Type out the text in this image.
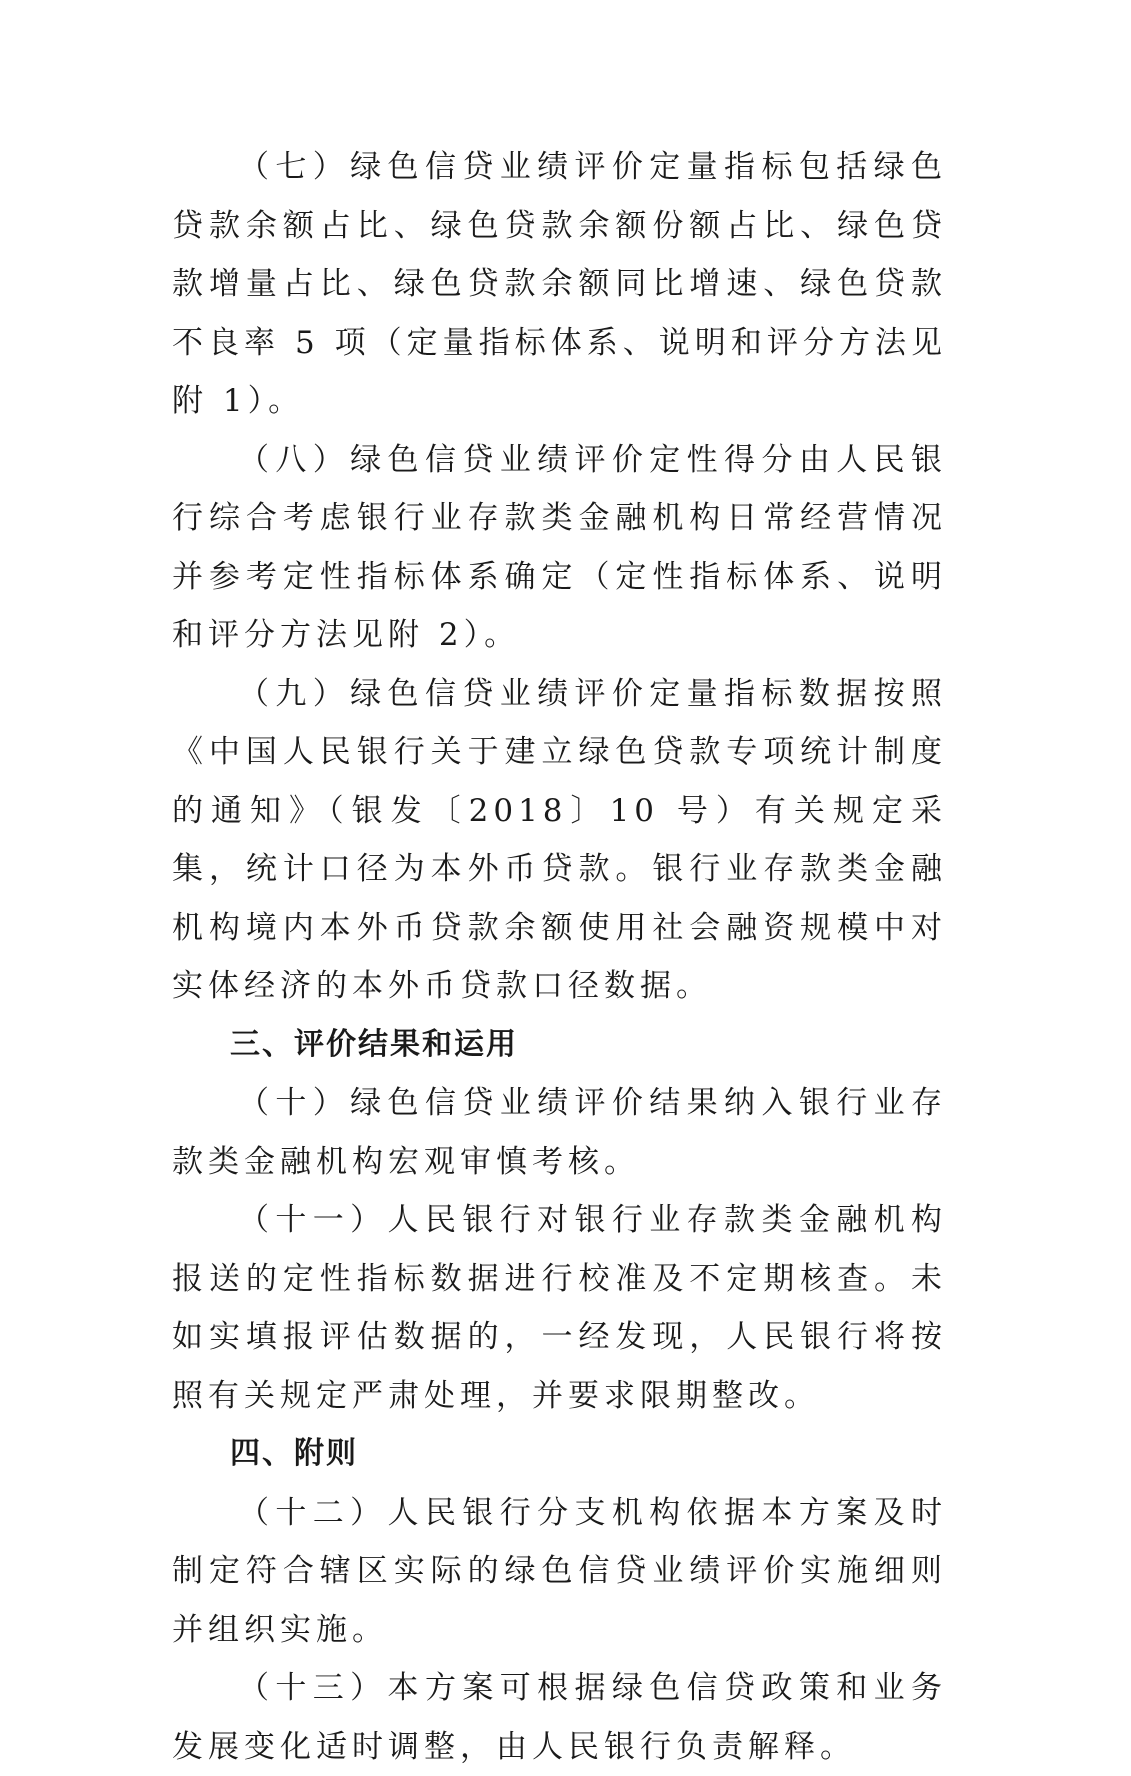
（七）绿色信贷业绩评价定量指标包括绿色贷款余额占比、绿色贷款余额份额占比、绿色贷款增量占比、绿色贷款余额同比增速、绿色贷款不良率 5 项（定量指标体系、说明和评分方法见附 1）。

（八）绿色信贷业绩评价定性得分由人民银行综合考虑银行业存款类金融机构日常经营情况并参考定性指标体系确定（定性指标体系、说明和评分方法见附 2）。

（九）绿色信贷业绩评价定量指标数据按照《中国人民银行关于建立绿色贷款专项统计制度的通知》（银发〔2018〕10 号）有关规定采集，统计口径为本外币贷款。银行业存款类金融机构境内本外币贷款余额使用社会融资规模中对实体经济的本外币贷款口径数据。

三、评价结果和运用

（十）绿色信贷业绩评价结果纳入银行业存款类金融机构宏观审慎考核。

（十一）人民银行对银行业存款类金融机构报送的定性指标数据进行校准及不定期核查。未如实填报评估数据的，一经发现，人民银行将按照有关规定严肃处理，并要求限期整改。

四、附则

（十二）人民银行分支机构依据本方案及时制定符合辖区实际的绿色信贷业绩评价实施细则并组织实施。

（十三）本方案可根据绿色信贷政策和业务发展变化适时调整，由人民银行负责解释。
